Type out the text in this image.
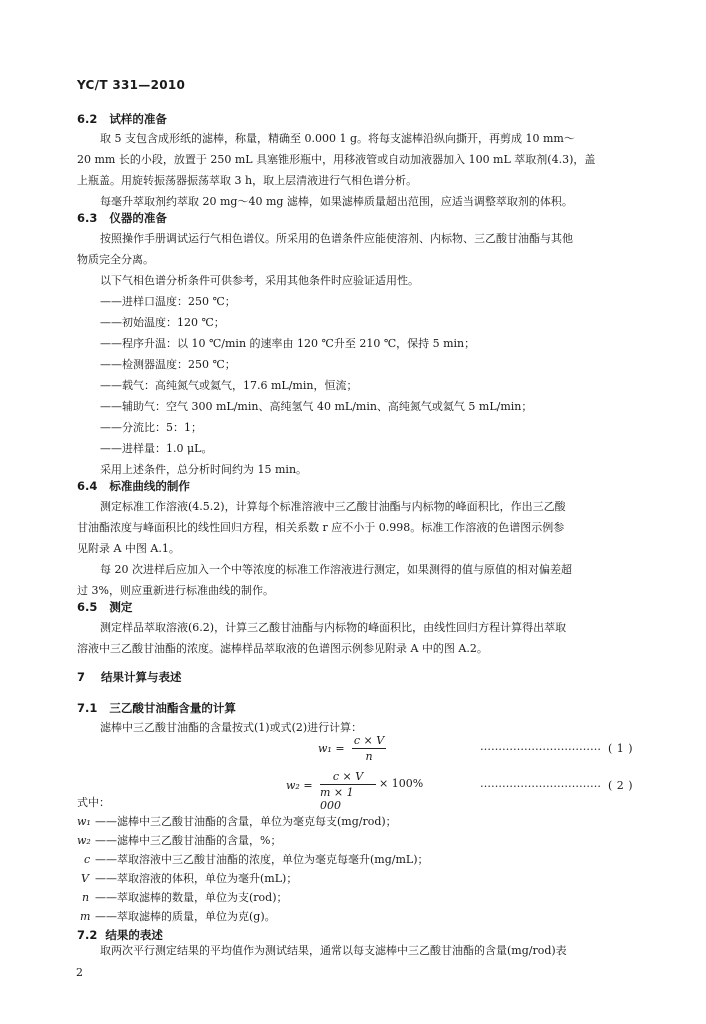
YC/T 331—2010
6.2 试样的准备
取 5 支包含成形纸的滤棒，称量，精确至 0.000 1 g。将每支滤棒沿纵向撕开，再剪成 10 mm～
20 mm 长的小段，放置于 250 mL 具塞锥形瓶中，用移液管或自动加液器加入 100 mL 萃取剂(4.3)，盖
上瓶盖。用旋转振荡器振荡萃取 3 h，取上层清液进行气相色谱分析。
每毫升萃取剂约萃取 20 mg～40 mg 滤棒，如果滤棒质量超出范围，应适当调整萃取剂的体积。
6.3 仪器的准备
按照操作手册调试运行气相色谱仪。所采用的色谱条件应能使溶剂、内标物、三乙酸甘油酯与其他
物质完全分离。
以下气相色谱分析条件可供参考，采用其他条件时应验证适用性。
——进样口温度：250 ℃；
——初始温度：120 ℃；
——程序升温：以 10 ℃/min 的速率由 120 ℃升至 210 ℃，保持 5 min；
——检测器温度：250 ℃；
——载气：高纯氮气或氦气，17.6 mL/min，恒流；
——辅助气：空气 300 mL/min、高纯氢气 40 mL/min、高纯氮气或氦气 5 mL/min；
——分流比：5：1；
——进样量：1.0 μL。
采用上述条件，总分析时间约为 15 min。
6.4 标准曲线的制作
测定标准工作溶液(4.5.2)，计算每个标准溶液中三乙酸甘油酯与内标物的峰面积比，作出三乙酸
甘油酯浓度与峰面积比的线性回归方程，相关系数 r 应不小于 0.998。标准工作溶液的色谱图示例参
见附录 A 中图 A.1。
每 20 次进样后应加入一个中等浓度的标准工作溶液进行测定，如果测得的值与原值的相对偏差超
过 3%，则应重新进行标准曲线的制作。
6.5 测定
测定样品萃取溶液(6.2)，计算三乙酸甘油酯与内标物的峰面积比，由线性回归方程计算得出萃取
溶液中三乙酸甘油酯的浓度。滤棒样品萃取液的色谱图示例参见附录 A 中的图 A.2。
7 结果计算与表述
7.1 三乙酸甘油酯含量的计算
滤棒中三乙酸甘油酯的含量按式(1)或式(2)进行计算：
w₁ =
c × V
n
…………………………… ( 1 )
w₂ =
c × V
m × 1 000
× 100%	…………………………… ( 2 )
式中：
w₁ ——滤棒中三乙酸甘油酯的含量，单位为毫克每支(mg/rod)；
w₂ ——滤棒中三乙酸甘油酯的含量，%；
c ——萃取溶液中三乙酸甘油酯的浓度，单位为毫克每毫升(mg/mL)；
V ——萃取溶液的体积，单位为毫升(mL)；
n ——萃取滤棒的数量，单位为支(rod)；
m ——萃取滤棒的质量，单位为克(g)。
2
7.2 结果的表述
取两次平行测定结果的平均值作为测试结果，通常以每支滤棒中三乙酸甘油酯的含量(mg/rod)表
